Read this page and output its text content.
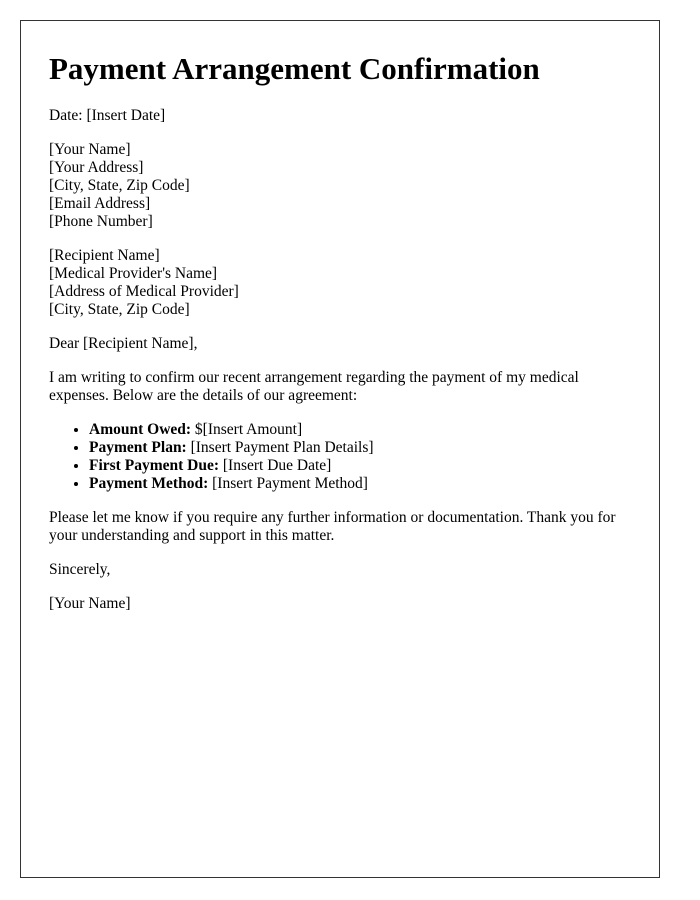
Payment Arrangement Confirmation

Date: [Insert Date]

[Your Name]

[Your Address]

[City, State, Zip Code]

[Email Address]

[Phone Number]

[Recipient Name]

[Medical Provider's Name]

[Address of Medical Provider]

[City, State, Zip Code]

Dear [Recipient Name],

I am writing to confirm our recent arrangement regarding the payment of my medical expenses. Below are the details of our agreement:

• Amount Owed: $[Insert Amount]
• Payment Plan: [Insert Payment Plan Details]
• First Payment Due: [Insert Due Date]
• Payment Method: [Insert Payment Method]

Please let me know if you require any further information or documentation. Thank you for your understanding and support in this matter.

Sincerely,

[Your Name]
